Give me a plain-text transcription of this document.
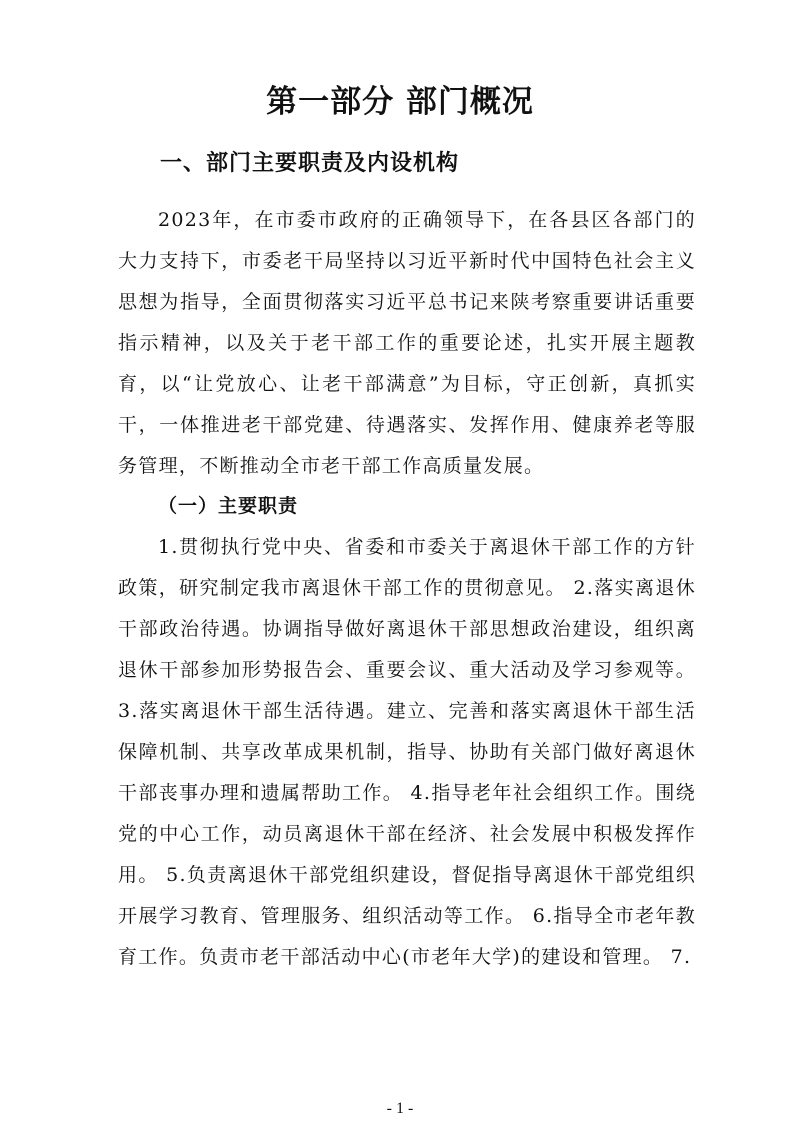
第一部分 部门概况
一、部门主要职责及内设机构

2023年，在市委市政府的正确领导下，在各县区各部门的大力支持下，市委老干局坚持以习近平新时代中国特色社会主义思想为指导，全面贯彻落实习近平总书记来陕考察重要讲话重要指示精神，以及关于老干部工作的重要论述，扎实开展主题教育，以“让党放心、让老干部满意”为目标，守正创新，真抓实干，一体推进老干部党建、待遇落实、发挥作用、健康养老等服务管理，不断推动全市老干部工作高质量发展。

（一）主要职责

1.贯彻执行党中央、省委和市委关于离退休干部工作的方针政策，研究制定我市离退休干部工作的贯彻意见。 2.落实离退休干部政治待遇。协调指导做好离退休干部思想政治建设，组织离退休干部参加形势报告会、重要会议、重大活动及学习参观等。 3.落实离退休干部生活待遇。建立、完善和落实离退休干部生活保障机制、共享改革成果机制，指导、协助有关部门做好离退休干部丧事办理和遗属帮助工作。 4.指导老年社会组织工作。围绕党的中心工作，动员离退休干部在经济、社会发展中积极发挥作用。 5.负责离退休干部党组织建设，督促指导离退休干部党组织开展学习教育、管理服务、组织活动等工作。 6.指导全市老年教育工作。负责市老干部活动中心(市老年大学)的建设和管理。 7.

- 1 -
